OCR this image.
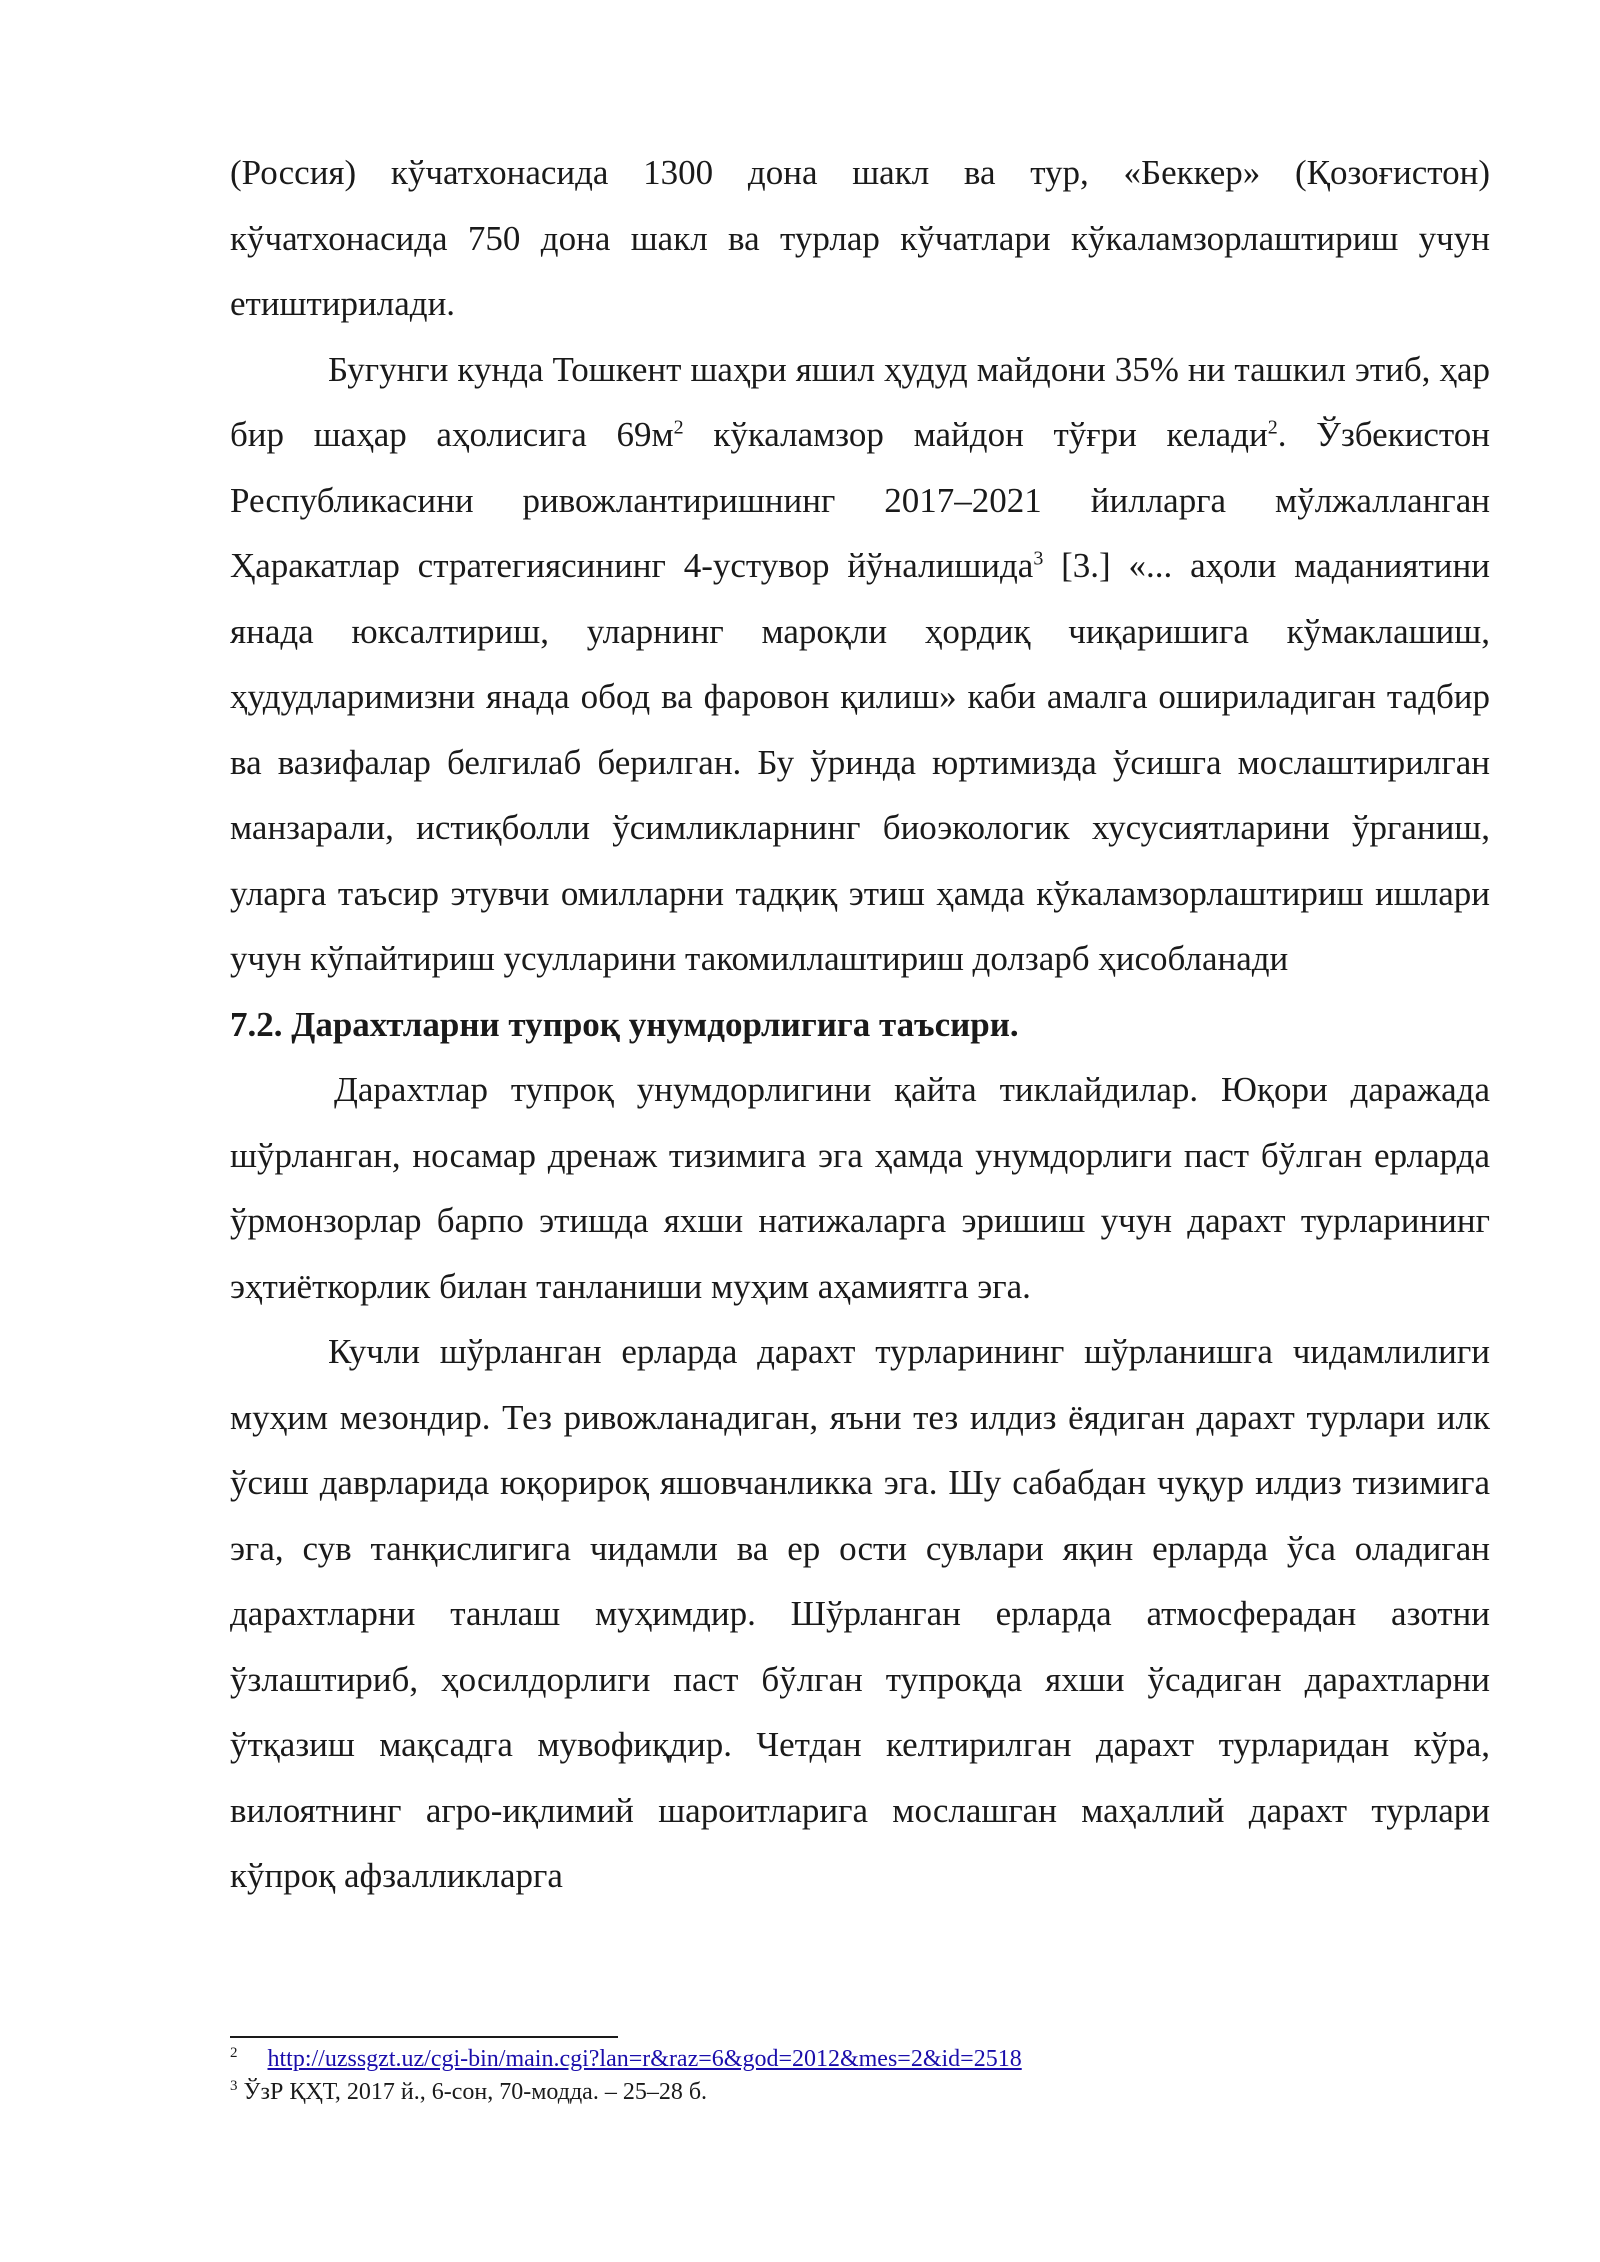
(Россия) кўчатхонасида 1300 дона шакл ва тур, «Беккер» (Қозоғистон) кўчатхонасида 750 дона шакл ва турлар кўчатлари кўкаламзорлаштириш учун етиштирилади.

Бугунги кунда Тошкент шаҳри яшил ҳудуд майдони 35% ни ташкил этиб, ҳар бир шаҳар аҳолисига $69м^2$ кўкаламзор майдон тўғри келади$^2$. Ўзбекистон Республикасини ривожлантиришнинг 2017–2021 йилларга мўлжалланган Ҳаракатлар стратегиясининг 4-устувор йўналишида$^3$ [3.] «... аҳоли маданиятини янада юксалтириш, уларнинг мароқли ҳордиқ чиқаришига кўмаклашиш, ҳудудларимизни янада обод ва фаровон қилиш» каби амалга ошириладиган тадбир ва вазифалар белгилаб берилган. Бу ўринда юртимизда ўсишга мослаштирилган манзарали, истиқболли ўсимликларнинг биоэкологик хусусиятларини ўрганиш, уларга таъсир этувчи омилларни тадқиқ этиш ҳамда кўкаламзорлаштириш ишлари учун кўпайтириш усулларини такомиллаштириш долзарб ҳисобланади

7.2. Дарахтларни тупроқ унумдорлигига таъсири.

Дарахтлар тупроқ унумдорлигини қайта тиклайдилар. Юқори даражада шўрланган, носамар дренаж тизимига эга ҳамда унумдорлиги паст бўлган ерларда ўрмонзорлар барпо этишда яхши натижаларга эришиш учун дарахт турларининг эҳтиёткорлик билан танланиши муҳим аҳамиятга эга.

Кучли шўрланган ерларда дарахт турларининг шўрланишга чидамлилиги муҳим мезондир. Тез ривожланадиган, яъни тез илдиз ёядиган дарахт турлари илк ўсиш даврларида юқорироқ яшовчанликка эга. Шу сабабдан чуқур илдиз тизимига эга, сув танқислигига чидамли ва ер ости сувлари яқин ерларда ўса оладиган дарахтларни танлаш муҳимдир. Шўрланган ерларда атмосферадан азотни ўзлаштириб, ҳосилдорлиги паст бўлган тупроқда яхши ўсадиган дарахтларни ўтқазиш мақсадга мувофиқдир. Четдан келтирилган дарахт турларидан кўра, вилоятнинг агро-иқлимий шароитларига мослашган маҳаллий дарахт турлари кўпроқ афзалликларга

$^2$ http://uzssgzt.uz/cgi-bin/main.cgi?lan=r&raz=6&god=2012&mes=2&id=2518

$^3$ ЎзР ҚҲТ, 2017 й., 6-сон, 70-модда. – 25–28 б.
